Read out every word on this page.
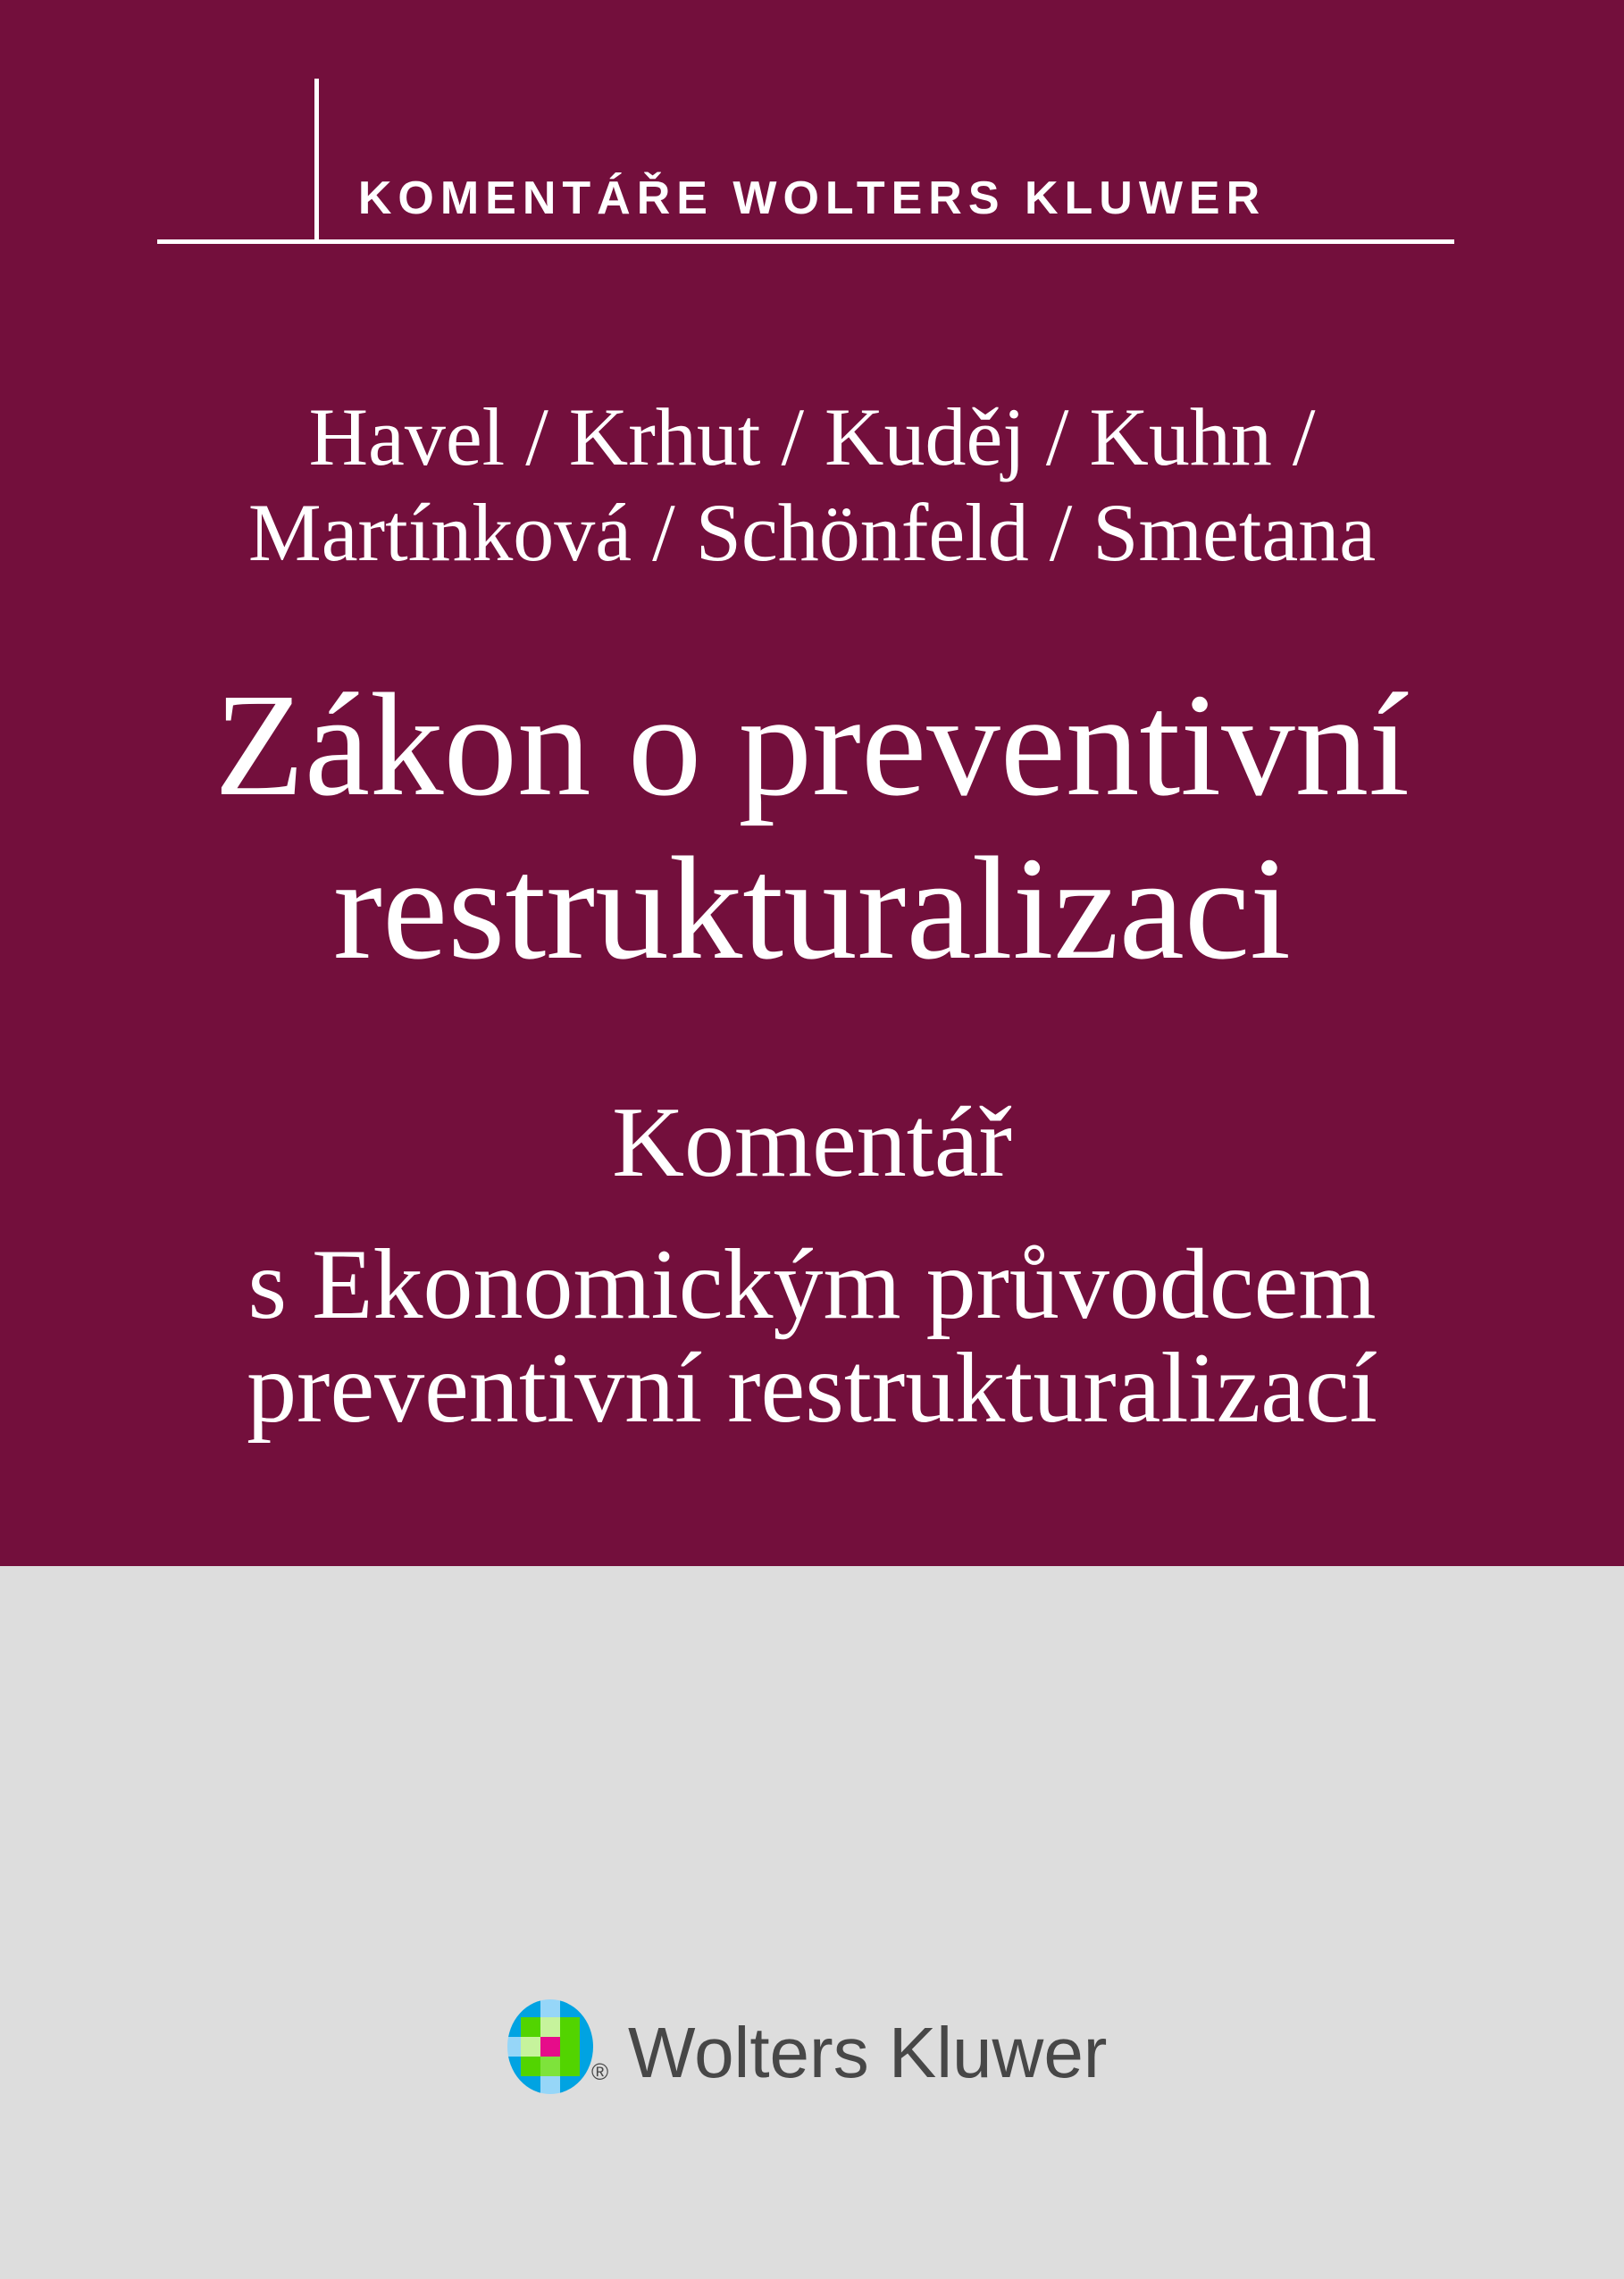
KOMENTÁŘE WOLTERS KLUWER
Havel / Krhut / Kuděj / Kuhn /
Martínková / Schönfeld / Smetana
Zákon o preventivní
restrukturalizaci
Komentář
s Ekonomickým průvodcem
preventivní restrukturalizací
® Wolters Kluwer
